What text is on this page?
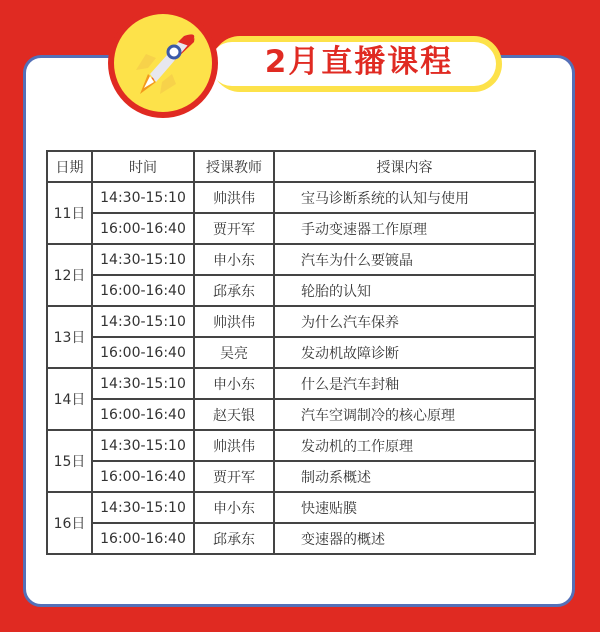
2月直播课程
日期	时间	授课教师	授课内容
11日	14:30-15:10	帅洪伟	宝马诊断系统的认知与使用
	16:00-16:40	贾开军	手动变速器工作原理
12日	14:30-15:10	申小东	汽车为什么要镀晶
	16:00-16:40	邱承东	轮胎的认知
13日	14:30-15:10	帅洪伟	为什么汽车保养
	16:00-16:40	吴亮	发动机故障诊断
14日	14:30-15:10	申小东	什么是汽车封釉
	16:00-16:40	赵天银	汽车空调制冷的核心原理
15日	14:30-15:10	帅洪伟	发动机的工作原理
	16:00-16:40	贾开军	制动系概述
16日	14:30-15:10	申小东	快速贴膜
	16:00-16:40	邱承东	变速器的概述
